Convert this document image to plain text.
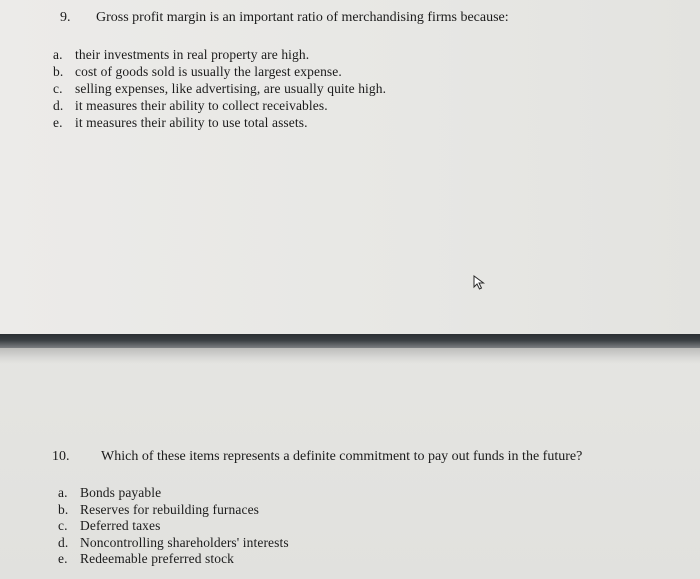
9. Gross profit margin is an important ratio of merchandising firms because:
a. their investments in real property are high.
b. cost of goods sold is usually the largest expense.
c. selling expenses, like advertising, are usually quite high.
d. it measures their ability to collect receivables.
e. it measures their ability to use total assets.
10. Which of these items represents a definite commitment to pay out funds in the future?
a. Bonds payable
b. Reserves for rebuilding furnaces
c. Deferred taxes
d. Noncontrolling shareholders' interests
e. Redeemable preferred stock
